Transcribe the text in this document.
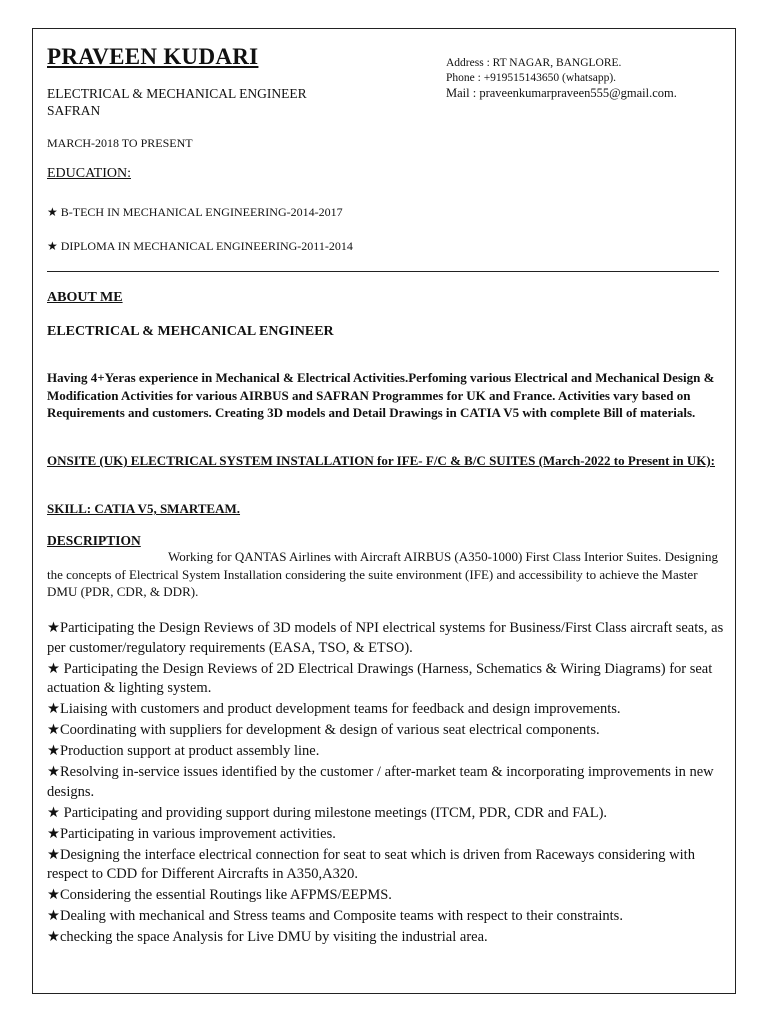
PRAVEEN KUDARI
ELECTRICAL & MECHANICAL ENGINEER
SAFRAN
Address : RT NAGAR, BANGLORE.
Phone : +919515143650 (whatsapp).
Mail : praveenkumarpraveen555@gmail.com.
MARCH-2018 TO PRESENT
EDUCATION:
★ B-TECH IN MECHANICAL ENGINEERING-2014-2017
★ DIPLOMA IN MECHANICAL ENGINEERING-2011-2014
ABOUT ME
ELECTRICAL & MEHCANICAL ENGINEER

Having 4+Yeras experience in Mechanical & Electrical Activities.Perfoming various Electrical and Mechanical Design & Modification Activities for various AIRBUS and SAFRAN Programmes for UK and France. Activities vary based on Requirements and customers. Creating 3D models and Detail Drawings in CATIA V5 with complete Bill of materials.

ONSITE (UK) ELECTRICAL SYSTEM INSTALLATION for IFE- F/C & B/C SUITES (March-2022 to Present in UK):

SKILL: CATIA V5, SMARTEAM.
DESCRIPTION

Working for QANTAS Airlines with Aircraft AIRBUS (A350-1000) First Class Interior Suites. Designing the concepts of Electrical System Installation considering the suite environment (IFE) and accessibility to achieve the Master DMU (PDR, CDR, & DDR).

★Participating the Design Reviews of 3D models of NPI electrical systems for Business/First Class aircraft seats, as per customer/regulatory requirements (EASA, TSO, & ETSO).
★ Participating the Design Reviews of 2D Electrical Drawings (Harness, Schematics & Wiring Diagrams) for seat actuation & lighting system.
★Liaising with customers and product development teams for feedback and design improvements.
★Coordinating with suppliers for development & design of various seat electrical components.
★Production support at product assembly line.
★Resolving in-service issues identified by the customer / after-market team & incorporating improvements in new designs.
★ Participating and providing support during milestone meetings (ITCM, PDR, CDR and FAL).
★Participating in various improvement activities.
★Designing the interface electrical connection for seat to seat which is driven from Raceways considering with respect to CDD for Different Aircrafts in A350,A320.
★Considering the essential Routings like AFPMS/EEPMS.
★Dealing with mechanical and Stress teams and Composite teams with respect to their constraints.
★checking the space Analysis for Live DMU by visiting the industrial area.
